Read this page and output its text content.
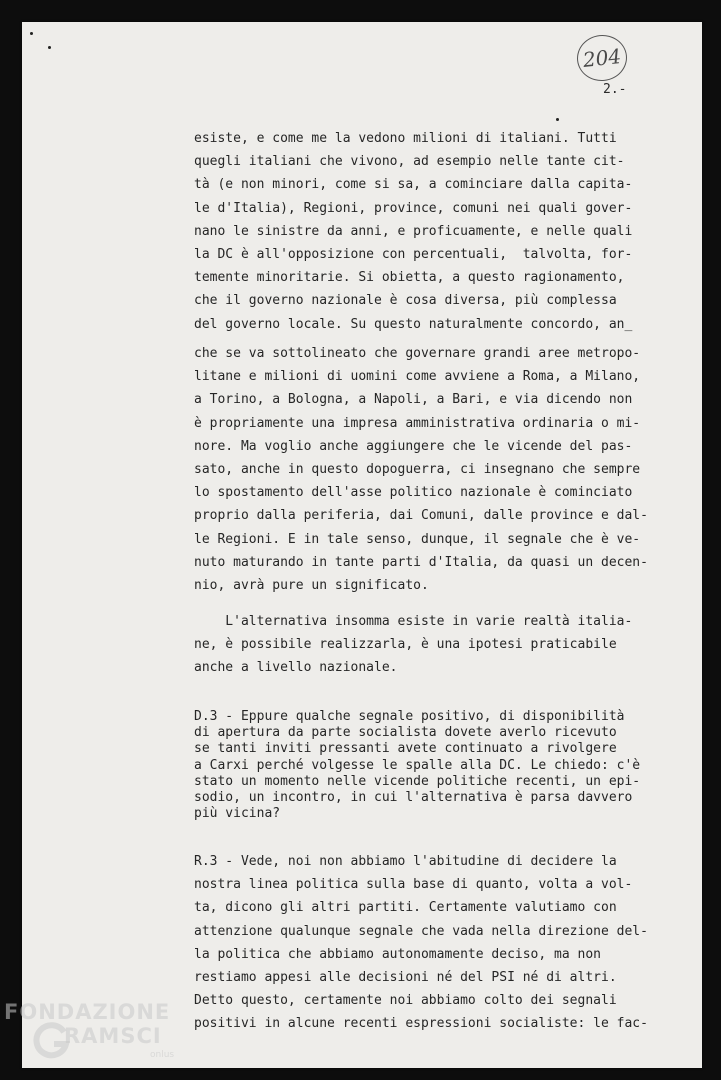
204
2.-
esiste, e come me la vedono milioni di italiani. Tutti
quegli italiani che vivono, ad esempio nelle tante cit-
tà (e non minori, come si sa, a cominciare dalla capita-
le d'Italia), Regioni, province, comuni nei quali gover-
nano le sinistre da anni, e proficuamente, e nelle quali
la DC è all'opposizione con percentuali,  talvolta, for-
temente minoritarie. Si obietta, a questo ragionamento,
che il governo nazionale è cosa diversa, più complessa
del governo locale. Su questo naturalmente concordo, an_
che se va sottolineato che governare grandi aree metropo-
litane e milioni di uomini come avviene a Roma, a Milano,
a Torino, a Bologna, a Napoli, a Bari, e via dicendo non
è propriamente una impresa amministrativa ordinaria o mi-
nore. Ma voglio anche aggiungere che le vicende del pas-
sato, anche in questo dopoguerra, ci insegnano che sempre
lo spostamento dell'asse politico nazionale è cominciato
proprio dalla periferia, dai Comuni, dalle province e dal-
le Regioni. E in tale senso, dunque, il segnale che è ve-
nuto maturando in tante parti d'Italia, da quasi un decen-
nio, avrà pure un significato.
L'alternativa insomma esiste in varie realtà italia-
ne, è possibile realizzarla, è una ipotesi praticabile
anche a livello nazionale.
D.3 - Eppure qualche segnale positivo, di disponibilità
di apertura da parte socialista dovete averlo ricevuto
se tanti inviti pressanti avete continuato a rivolgere
a Carxi perché volgesse le spalle alla DC. Le chiedo: c'è
stato un momento nelle vicende politiche recenti, un epi-
sodio, un incontro, in cui l'alternativa è parsa davvero
più vicina?
R.3 - Vede, noi non abbiamo l'abitudine di decidere la
nostra linea politica sulla base di quanto, volta a vol-
ta, dicono gli altri partiti. Certamente valutiamo con
attenzione qualunque segnale che vada nella direzione del-
la politica che abbiamo autonomamente deciso, ma non
restiamo appesi alle decisioni né del PSI né di altri.
Detto questo, certamente noi abbiamo colto dei segnali
positivi in alcune recenti espressioni socialiste: le fac-
FONDAZIONE
RAMSCI
onlus
